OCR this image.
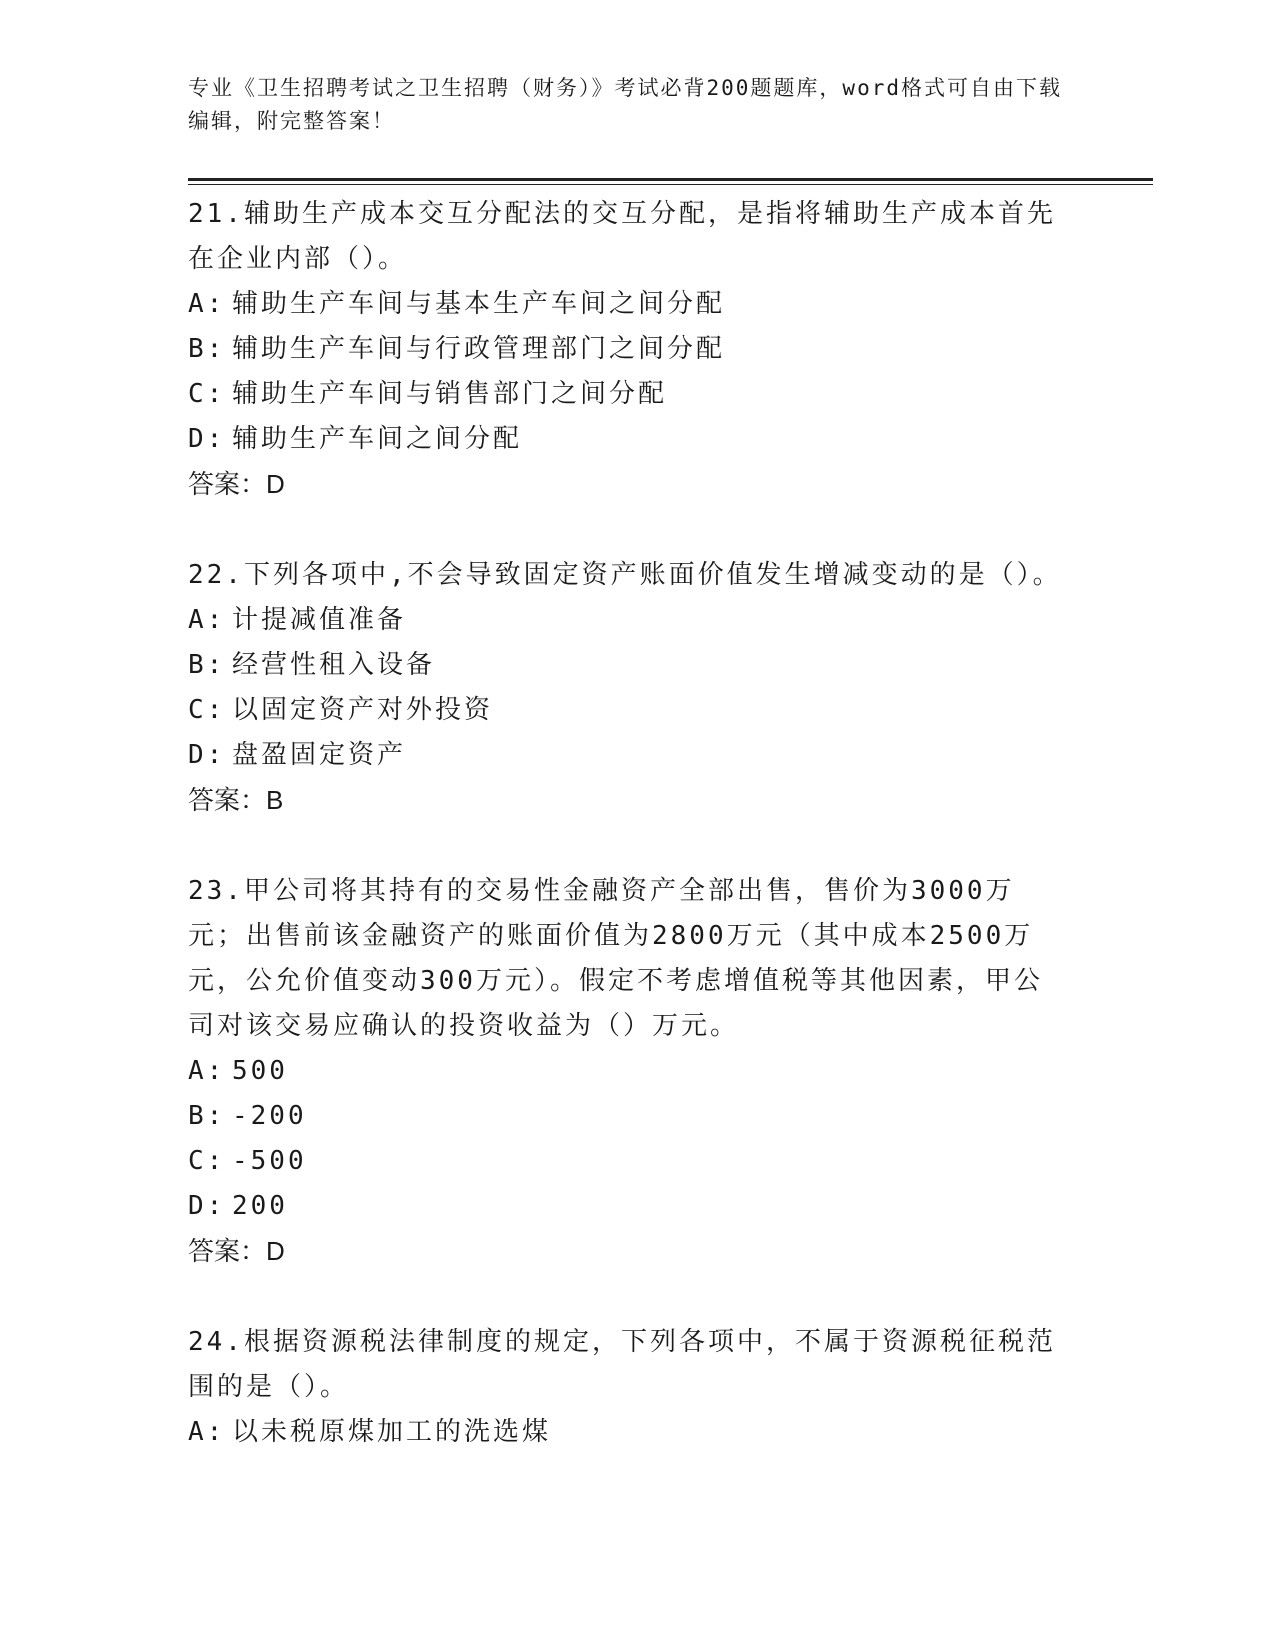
专业《卫生招聘考试之卫生招聘（财务）》考试必背200题题库，word格式可自由下载编辑，附完整答案！

21.辅助生产成本交互分配法的交互分配，是指将辅助生产成本首先在企业内部（）。

A: 辅助生产车间与基本生产车间之间分配
B: 辅助生产车间与行政管理部门之间分配
C: 辅助生产车间与销售部门之间分配
D: 辅助生产车间之间分配
答案：D

22.下列各项中,不会导致固定资产账面价值发生增减变动的是（）。

A: 计提减值准备
B: 经营性租入设备
C: 以固定资产对外投资
D: 盘盈固定资产
答案：B

23.甲公司将其持有的交易性金融资产全部出售，售价为3000万元；出售前该金融资产的账面价值为2800万元（其中成本2500万元，公允价值变动300万元）。假定不考虑增值税等其他因素，甲公司对该交易应确认的投资收益为（）万元。

A: 500
B: -200
C: -500
D: 200
答案：D

24.根据资源税法律制度的规定，下列各项中，不属于资源税征税范围的是（）。

A: 以未税原煤加工的洗选煤
